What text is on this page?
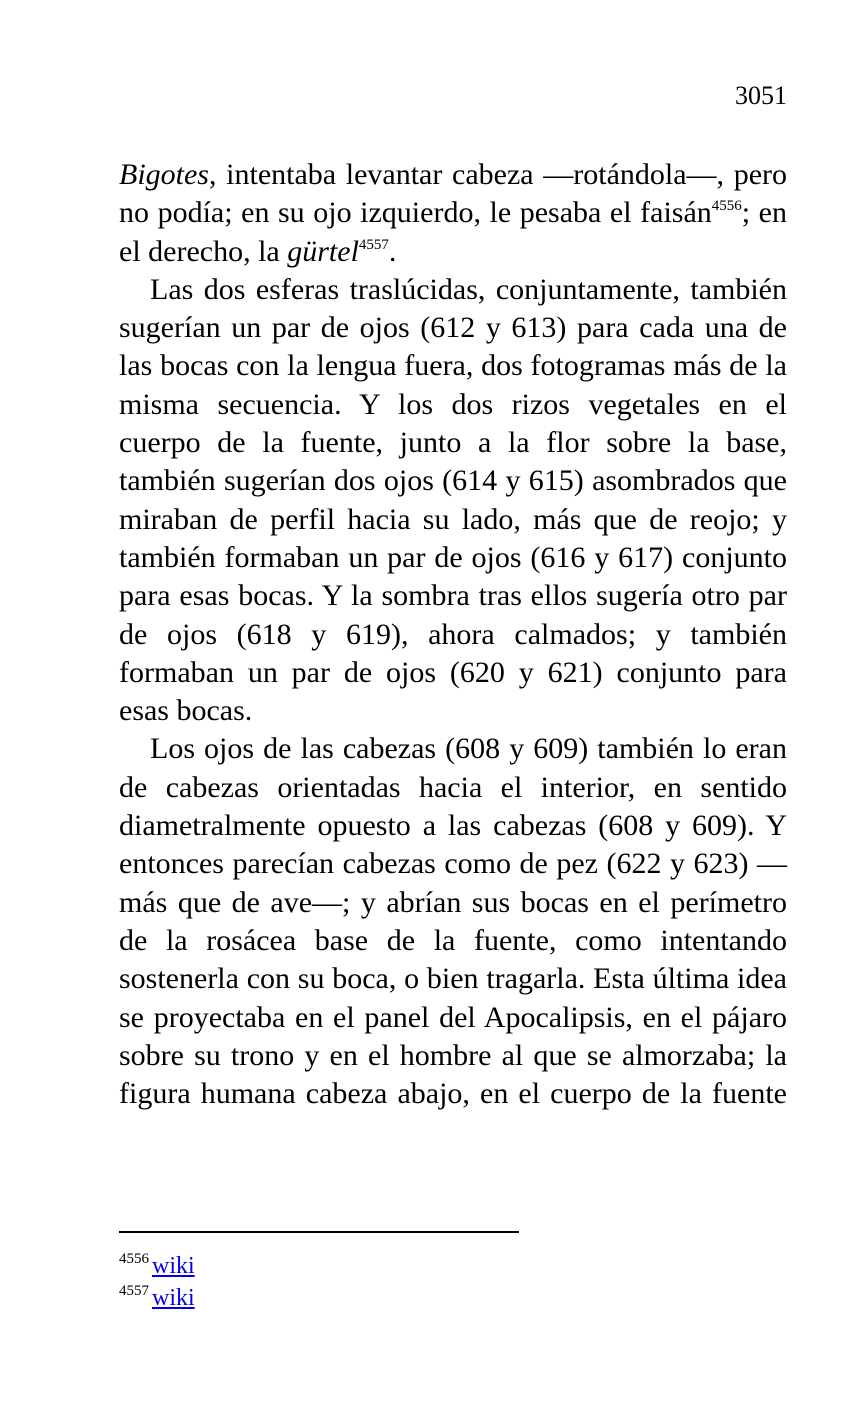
3051

Bigotes, intentaba levantar cabeza —rotándola—, pero no podía; en su ojo izquierdo, le pesaba el faisán$^{4556}$; en el derecho, la gürtel$^{4557}$.

Las dos esferas traslúcidas, conjuntamente, también sugerían un par de ojos (612 y 613) para cada una de las bocas con la lengua fuera, dos fotogramas más de la misma secuencia. Y los dos rizos vegetales en el cuerpo de la fuente, junto a la flor sobre la base, también sugerían dos ojos (614 y 615) asombrados que miraban de perfil hacia su lado, más que de reojo; y también formaban un par de ojos (616 y 617) conjunto para esas bocas. Y la sombra tras ellos sugería otro par de ojos (618 y 619), ahora calmados; y también formaban un par de ojos (620 y 621) conjunto para esas bocas.

Los ojos de las cabezas (608 y 609) también lo eran de cabezas orientadas hacia el interior, en sentido diametralmente opuesto a las cabezas (608 y 609). Y entonces parecían cabezas como de pez (622 y 623) —más que de ave—; y abrían sus bocas en el perímetro de la rosácea base de la fuente, como intentando sostenerla con su boca, o bien tragarla. Esta última idea se proyectaba en el panel del Apocalipsis, en el pájaro sobre su trono y en el hombre al que se almorzaba; la figura humana cabeza abajo, en el cuerpo de la fuente

$^{4556}$ wiki
$^{4557}$ wiki
